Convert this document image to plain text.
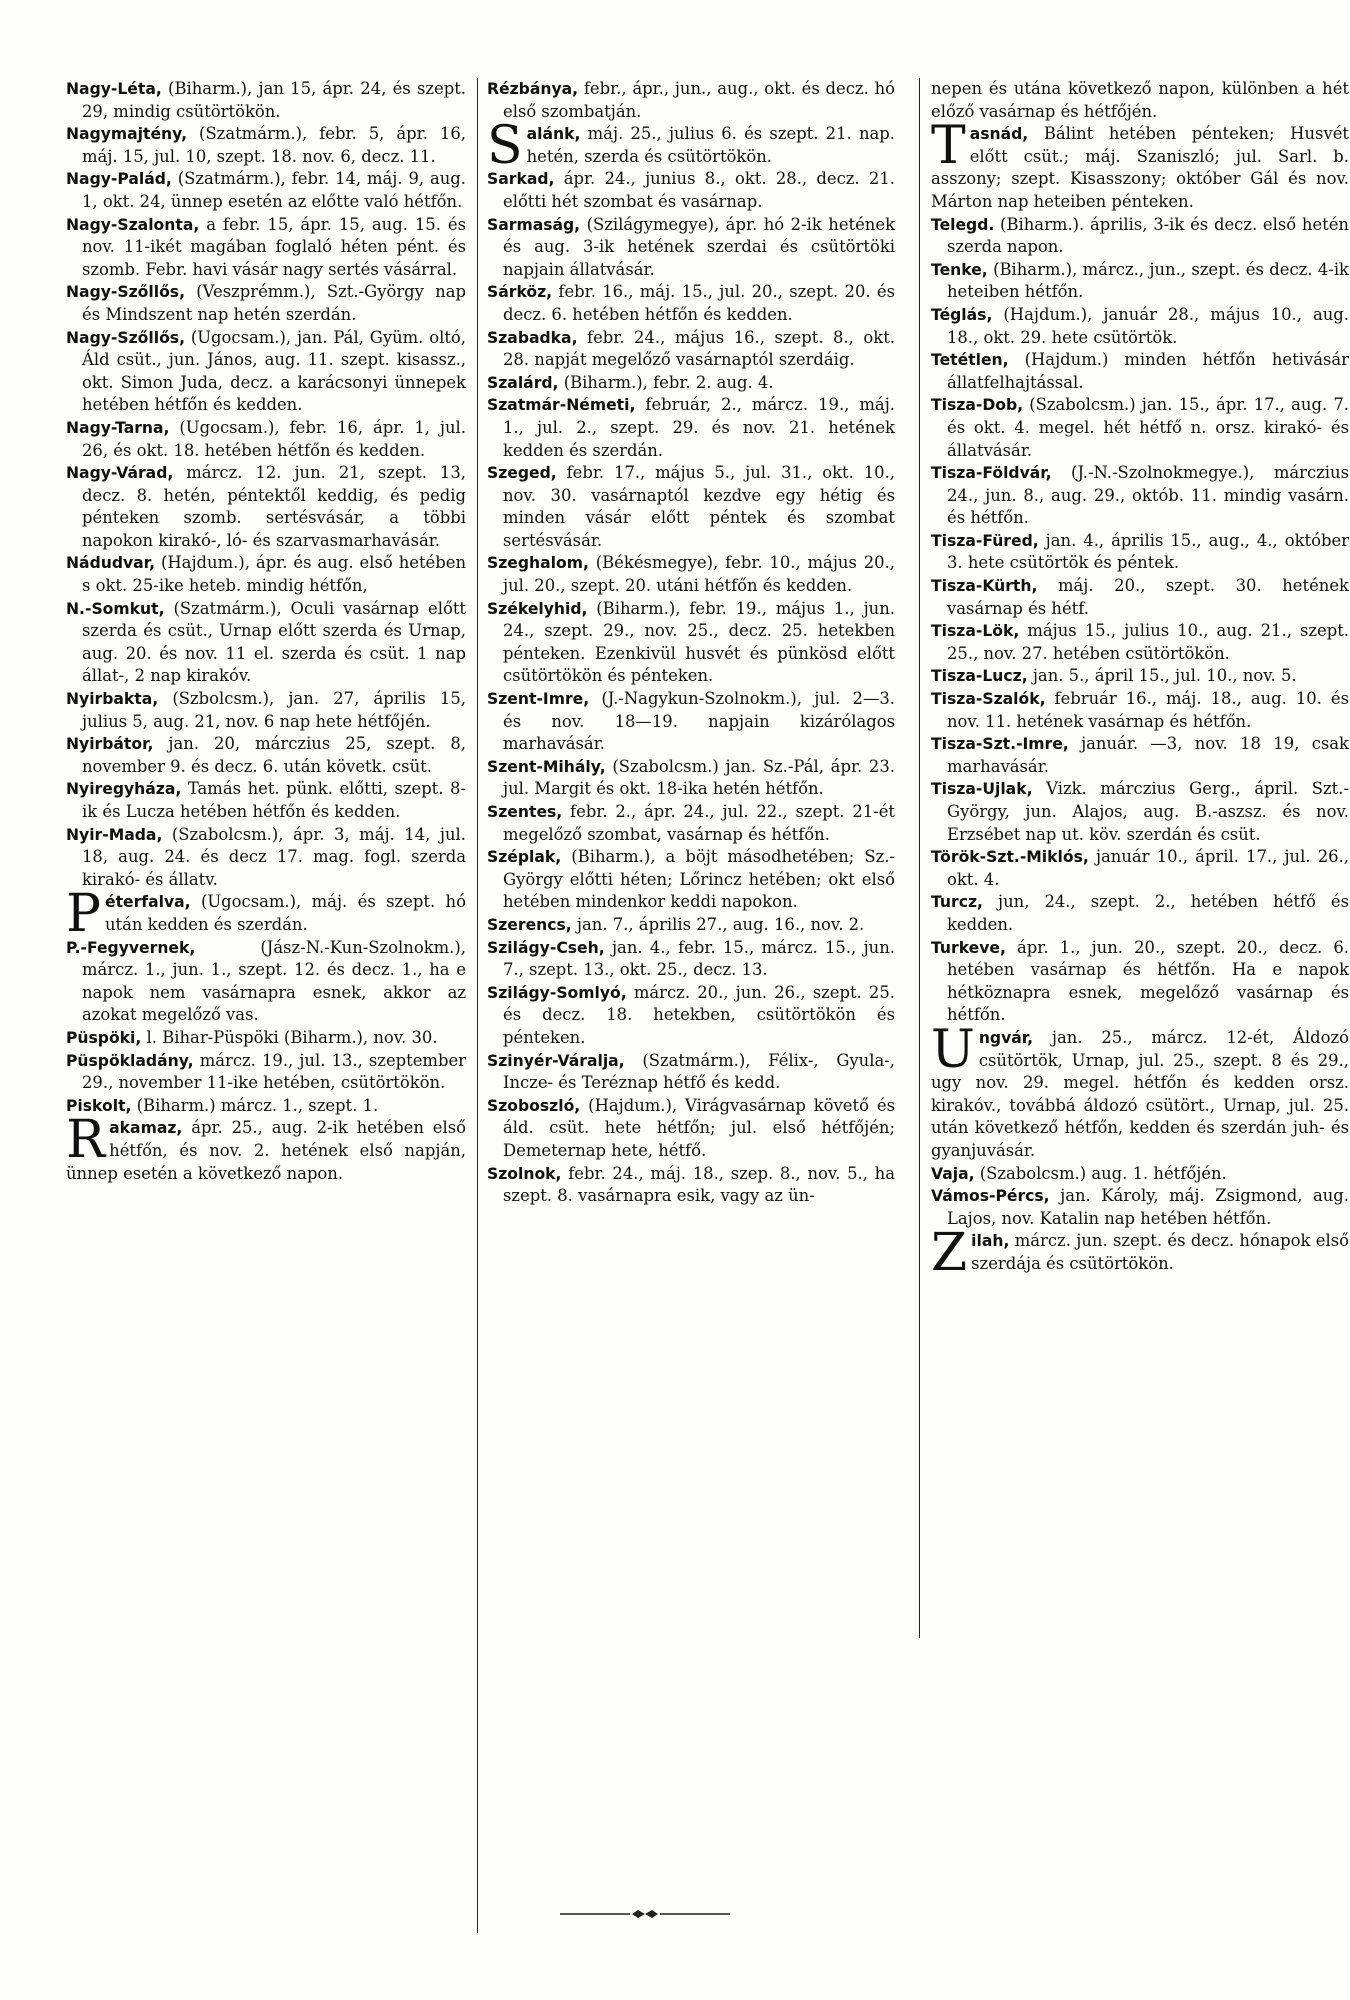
Nagy-Léta, (Biharm.), jan 15, ápr. 24, és szept. 29, mindig csütörtökön.

Nagymajtény, (Szatmárm.), febr. 5, ápr. 16, máj. 15, jul. 10, szept. 18. nov. 6, decz. 11.

Nagy-Palád, (Szatmárm.), febr. 14, máj. 9, aug. 1, okt. 24, ünnep esetén az előtte való hétfőn.

Nagy-Szalonta, a febr. 15, ápr. 15, aug. 15. és nov. 11-ikét magában foglaló héten pént. és szomb. Febr. havi vásár nagy sertés vásárral.

Nagy-Szőllős, (Veszprémm.), Szt.-György nap és Mindszent nap hetén szerdán.

Nagy-Szőllős, (Ugocsam.), jan. Pál, Gyüm. oltó, Áld csüt., jun. János, aug. 11. szept. kisassz., okt. Simon Juda, decz. a karácsonyi ünnepek hetében hétfőn és kedden.

Nagy-Tarna, (Ugocsam.), febr. 16, ápr. 1, jul. 26, és okt. 18. hetében hétfőn és kedden.

Nagy-Várad, márcz. 12. jun. 21, szept. 13, decz. 8. hetén, péntektől keddig, és pedig pénteken szomb. sertésvásár, a többi napokon kirakó-, ló- és szarvasmarhavásár.

Nádudvar, (Hajdum.), ápr. és aug. első hetében s okt. 25-ike heteb. mindig hétfőn,

N.-Somkut, (Szatmárm.), Oculi vasárnap előtt szerda és csüt., Urnap előtt szerda és Urnap, aug. 20. és nov. 11 el. szerda és csüt. 1 nap állat-, 2 nap kirakóv.

Nyirbakta, (Szbolcsm.), jan. 27, április 15, julius 5, aug. 21, nov. 6 nap hete hétfőjén.

Nyirbátor, jan. 20, márczius 25, szept. 8, november 9. és decz. 6. után követk. csüt.

Nyiregyháza, Tamás het. pünk. előtti, szept. 8-ik és Lucza hetében hétfőn és kedden.

Nyir-Mada, (Szabolcsm.), ápr. 3, máj. 14, jul. 18, aug. 24. és decz 17. mag. fogl. szerda kirakó- és állatv.

Péterfalva, (Ugocsam.), máj. és szept. hó után kedden és szerdán.

P.-Fegyvernek, (Jász-N.-Kun-Szolnokm.), márcz. 1., jun. 1., szept. 12. és decz. 1., ha e napok nem vasárnapra esnek, akkor az azokat megelőző vas.

Püspöki, l. Bihar-Püspöki (Biharm.), nov. 30.

Püspökladány, márcz. 19., jul. 13., szeptember 29., november 11-ike hetében, csütörtökön.

Piskolt, (Biharm.) márcz. 1., szept. 1.

Rakamaz, ápr. 25., aug. 2-ik hetében első hétfőn, és nov. 2. hetének első napján, ünnep esetén a következő napon.

Rézbánya, febr., ápr., jun., aug., okt. és decz. hó első szombatján.

Salánk, máj. 25., julius 6. és szept. 21. nap. hetén, szerda és csütörtökön.

Sarkad, ápr. 24., junius 8., okt. 28., decz. 21. előtti hét szombat és vasárnap.

Sarmaság, (Szilágymegye), ápr. hó 2-ik hetének és aug. 3-ik hetének szerdai és csütörtöki napjain állatvásár.

Sárköz, febr. 16., máj. 15., jul. 20., szept. 20. és decz. 6. hetében hétfőn és kedden.

Szabadka, febr. 24., május 16., szept. 8., okt. 28. napját megelőző vasárnaptól szerdáig.

Szalárd, (Biharm.), febr. 2. aug. 4.

Szatmár-Németi, február, 2., márcz. 19., máj. 1., jul. 2., szept. 29. és nov. 21. hetének kedden és szerdán.

Szeged, febr. 17., május 5., jul. 31., okt. 10., nov. 30. vasárnaptól kezdve egy hétig és minden vásár előtt péntek és szombat sertésvásár.

Szeghalom, (Békésmegye), febr. 10., május 20., jul. 20., szept. 20. utáni hétfőn és kedden.

Székelyhid, (Biharm.), febr. 19., május 1., jun. 24., szept. 29., nov. 25., decz. 25. hetekben pénteken. Ezenkivül husvét és pünkösd előtt csütörtökön és pénteken.

Szent-Imre, (J.-Nagykun-Szolnokm.), jul. 2—3. és nov. 18—19. napjain kizárólagos marhavásár.

Szent-Mihály, (Szabolcsm.) jan. Sz.-Pál, ápr. 23. jul. Margit és okt. 18-ika hetén hétfőn.

Szentes, febr. 2., ápr. 24., jul. 22., szept. 21-ét megelőző szombat, vasárnap és hétfőn.

Széplak, (Biharm.), a böjt másodhetében; Sz.-György előtti héten; Lőrincz hetében; okt első hetében mindenkor keddi napokon.

Szerencs, jan. 7., április 27., aug. 16., nov. 2.

Szilágy-Cseh, jan. 4., febr. 15., márcz. 15., jun. 7., szept. 13., okt. 25., decz. 13.

Szilágy-Somlyó, márcz. 20., jun. 26., szept. 25. és decz. 18. hetekben, csütörtökön és pénteken.

Szinyér-Váralja, (Szatmárm.), Félix-, Gyula-, Incze- és Teréznap hétfő és kedd.

Szoboszló, (Hajdum.), Virágvasárnap követő és áld. csüt. hete hétfőn; jul. első hétfőjén; Demeternap hete, hétfő.

Szolnok, febr. 24., máj. 18., szep. 8., nov. 5., ha szept. 8. vasárnapra esik, vagy az ün-

nepen és utána következő napon, különben a hét előző vasárnap és hétfőjén.

Tasnád, Bálint hetében pénteken; Husvét előtt csüt.; máj. Szaniszló; jul. Sarl. b. asszony; szept. Kisasszony; október Gál és nov. Márton nap heteiben pénteken.

Telegd. (Biharm.). április, 3-ik és decz. első hetén szerda napon.

Tenke, (Biharm.), márcz., jun., szept. és decz. 4-ik heteiben hétfőn.

Téglás, (Hajdum.), január 28., május 10., aug. 18., okt. 29. hete csütörtök.

Tetétlen, (Hajdum.) minden hétfőn hetivásár állatfelhajtással.

Tisza-Dob, (Szabolcsm.) jan. 15., ápr. 17., aug. 7. és okt. 4. megel. hét hétfő n. orsz. kirakó- és állatvásár.

Tisza-Földvár, (J.-N.-Szolnokmegye.), márczius 24., jun. 8., aug. 29., októb. 11. mindig vasárn. és hétfőn.

Tisza-Füred, jan. 4., április 15., aug., 4., október 3. hete csütörtök és péntek.

Tisza-Kürth, máj. 20., szept. 30. hetének vasárnap és hétf.

Tisza-Lök, május 15., julius 10., aug. 21., szept. 25., nov. 27. hetében csütörtökön.

Tisza-Lucz, jan. 5., ápril 15., jul. 10., nov. 5.

Tisza-Szalók, február 16., máj. 18., aug. 10. és nov. 11. hetének vasárnap és hétfőn.

Tisza-Szt.-Imre, január. —3, nov. 18 19, csak marhavásár.

Tisza-Ujlak, Vizk. márczius Gerg., ápril. Szt.-György, jun. Alajos, aug. B.-aszsz. és nov. Erzsébet nap ut. köv. szerdán és csüt.

Török-Szt.-Miklós, január 10., ápril. 17., jul. 26., okt. 4.

Turcz, jun, 24., szept. 2., hetében hétfő és kedden.

Turkeve, ápr. 1., jun. 20., szept. 20., decz. 6. hetében vasárnap és hétfőn. Ha e napok hétköznapra esnek, megelőző vasárnap és hétfőn.

Ungvár, jan. 25., márcz. 12-ét, Áldozó csütörtök, Urnap, jul. 25., szept. 8 és 29., ugy nov. 29. megel. hétfőn és kedden orsz. kirakóv., továbbá áldozó csütört., Urnap, jul. 25. után következő hétfőn, kedden és szerdán juh- és gyanjuvásár.

Vaja, (Szabolcsm.) aug. 1. hétfőjén.

Vámos-Pércs, jan. Károly, máj. Zsigmond, aug. Lajos, nov. Katalin nap hetében hétfőn.

Zilah, márcz. jun. szept. és decz. hónapok első szerdája és csütörtökön.
